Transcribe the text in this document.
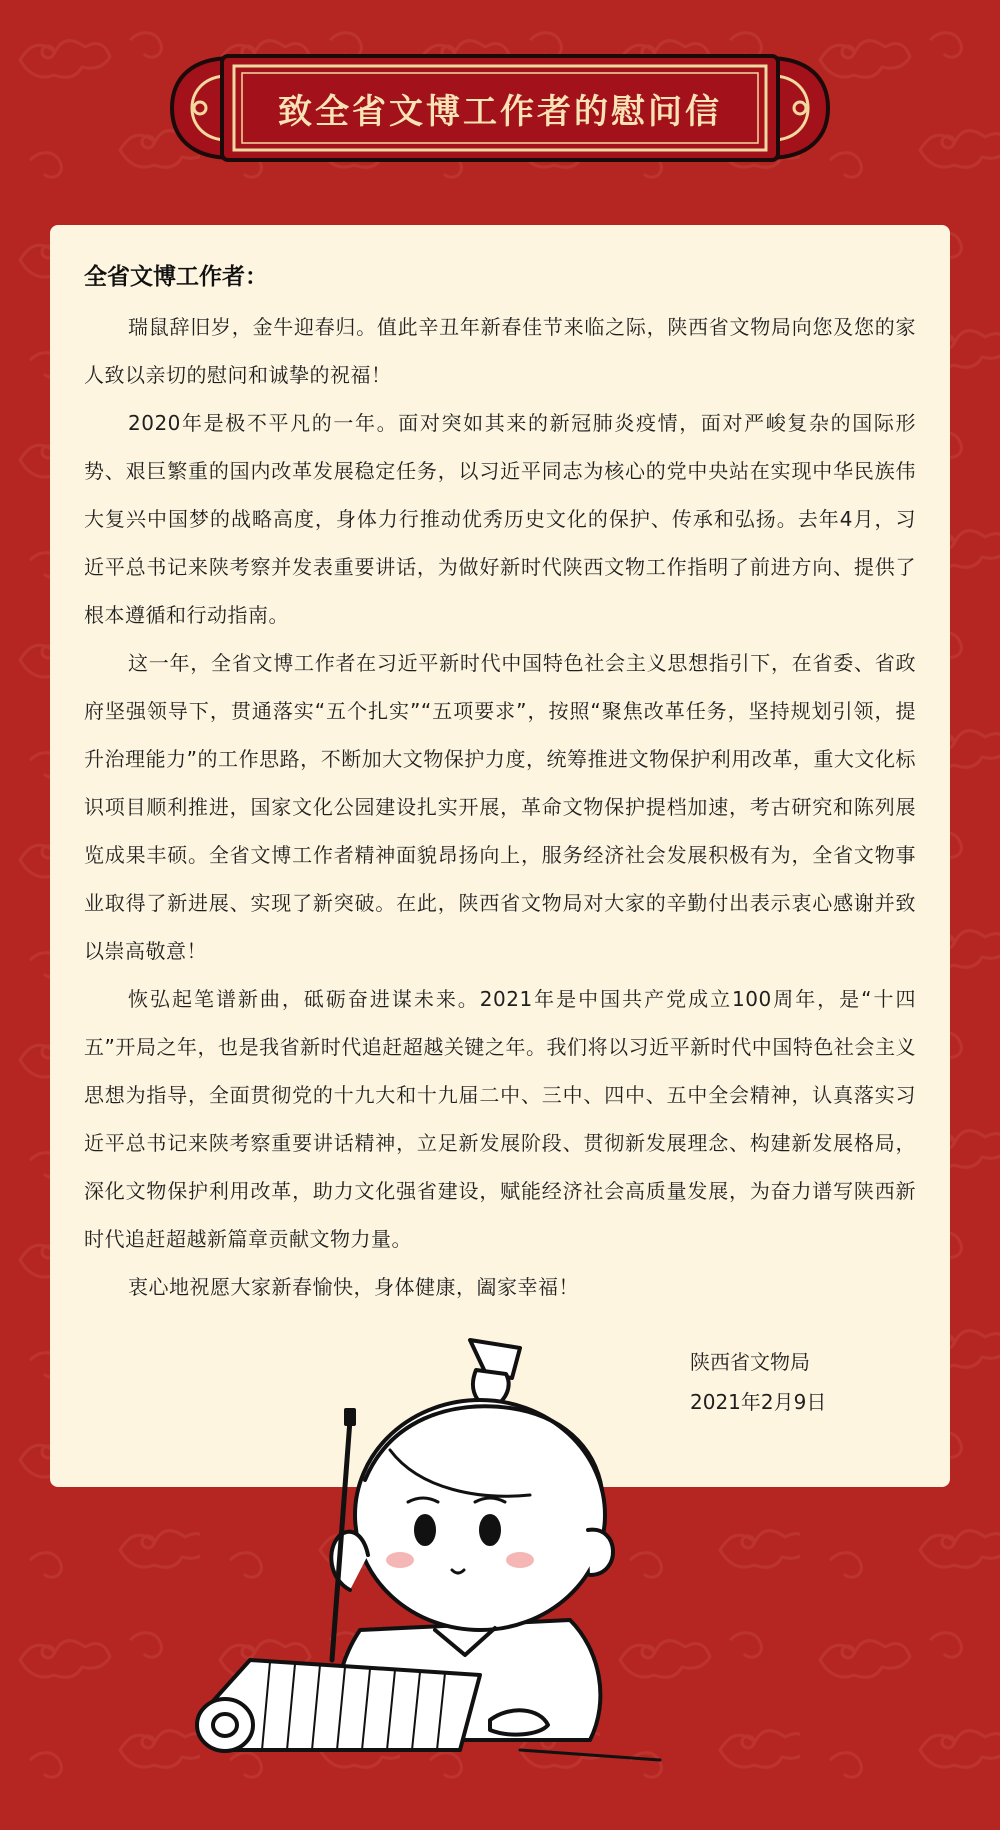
致全省文博工作者的慰问信
全省文博工作者：

瑞鼠辞旧岁，金牛迎春归。值此辛丑年新春佳节来临之际，陕西省文物局向您及您的家人致以亲切的慰问和诚挚的祝福！

2020年是极不平凡的一年。面对突如其来的新冠肺炎疫情，面对严峻复杂的国际形势、艰巨繁重的国内改革发展稳定任务，以习近平同志为核心的党中央站在实现中华民族伟大复兴中国梦的战略高度，身体力行推动优秀历史文化的保护、传承和弘扬。去年4月，习近平总书记来陕考察并发表重要讲话，为做好新时代陕西文物工作指明了前进方向、提供了根本遵循和行动指南。

这一年，全省文博工作者在习近平新时代中国特色社会主义思想指引下，在省委、省政府坚强领导下，贯通落实“五个扎实”“五项要求”，按照“聚焦改革任务，坚持规划引领，提升治理能力”的工作思路，不断加大文物保护力度，统筹推进文物保护利用改革，重大文化标识项目顺利推进，国家文化公园建设扎实开展，革命文物保护提档加速，考古研究和陈列展览成果丰硕。全省文博工作者精神面貌昂扬向上，服务经济社会发展积极有为，全省文物事业取得了新进展、实现了新突破。在此，陕西省文物局对大家的辛勤付出表示衷心感谢并致以崇高敬意！

恢弘起笔谱新曲，砥砺奋进谋未来。2021年是中国共产党成立100周年，是“十四五”开局之年，也是我省新时代追赶超越关键之年。我们将以习近平新时代中国特色社会主义思想为指导，全面贯彻党的十九大和十九届二中、三中、四中、五中全会精神，认真落实习近平总书记来陕考察重要讲话精神，立足新发展阶段、贯彻新发展理念、构建新发展格局，深化文物保护利用改革，助力文化强省建设，赋能经济社会高质量发展，为奋力谱写陕西新时代追赶超越新篇章贡献文物力量。

衷心地祝愿大家新春愉快，身体健康，阖家幸福！

陕西省文物局
2021年2月9日
